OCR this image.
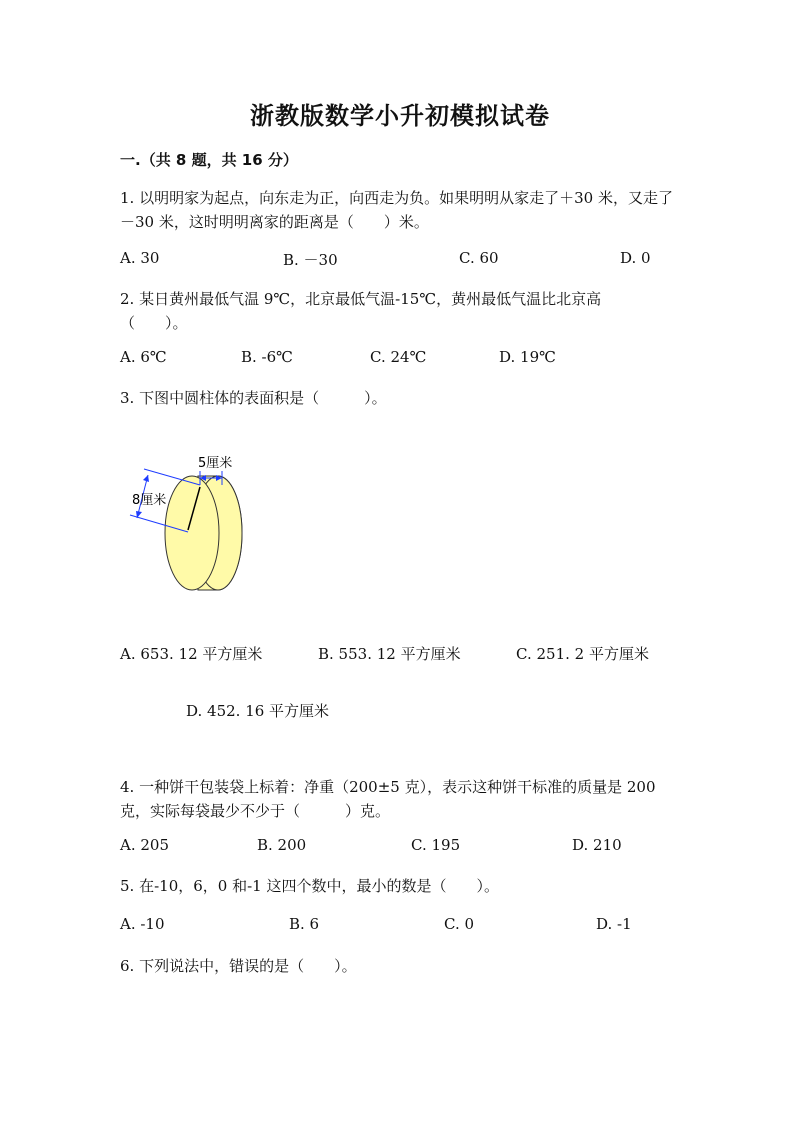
浙教版数学小升初模拟试卷
一.（共 8 题，共 16 分）
1. 以明明家为起点，向东走为正，向西走为负。如果明明从家走了＋30 米，又走了－30 米，这时明明离家的距离是（　　）米。
A. 30	B. －30	C. 60	D. 0
2. 某日黄州最低气温 9℃，北京最低气温-15℃，黄州最低气温比北京高（　　）。
A. 6℃	B. -6℃	C. 24℃	D. 19℃
3. 下图中圆柱体的表面积是（　　　）。
5厘米
8厘米
A. 653. 12 平方厘米	B. 553. 12 平方厘米	C. 251. 2 平方厘米
D. 452. 16 平方厘米
4. 一种饼干包装袋上标着：净重（200±5 克），表示这种饼干标准的质量是 200 克，实际每袋最少不少于（　　　）克。
A. 205	B. 200	C. 195	D. 210
5. 在-10，6，0 和-1 这四个数中，最小的数是（　　）。
A. -10	B. 6	C. 0	D. -1
6. 下列说法中，错误的是（　　）。
